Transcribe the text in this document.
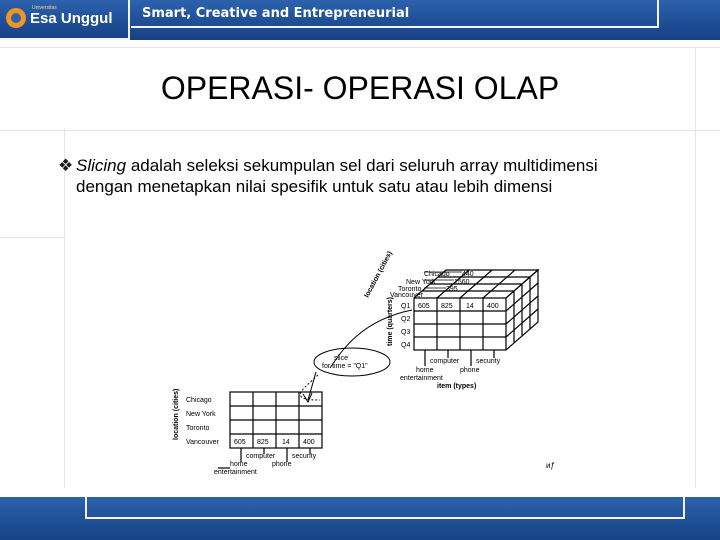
Universitas
Esa Unggul Smart, Creative and Entrepreneurial
OPERASI- OPERASI OLAP
❖ Slicing adalah seleksi sekumpulan sel dari seluruh array multidimensi dengan menetapkan nilai spesifik untuk satu atau lebih dimensi
location (cities)
time (quarters)
item (types)
Chicago
New York
Toronto
Vancouver
440
1560
395
Q1
Q2
Q3
Q4
605 825 14 400
computer security
home	phone
entertainment
slice
for time = "Q1"
location (cities) Chicago
New York
Toronto
Vancouver 605 825 14 400
computer security
home	phone
entertainment
ᴎƒ
